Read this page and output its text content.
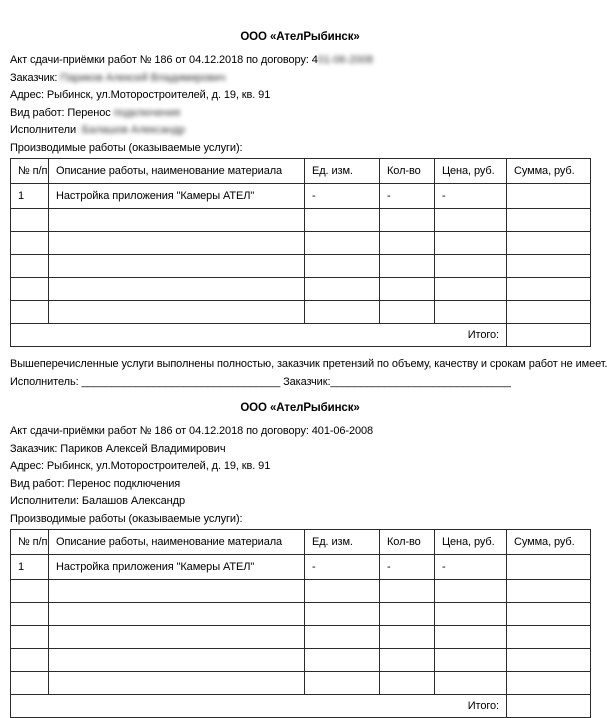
ООО «АтелРыбинск»
Акт сдачи-приёмки работ № 186 от 04.12.2018 по договору: 401-06-2008
Заказчик: Париков Алексей Владимирович
Адрес: Рыбинск, ул.Моторостроителей, д. 19, кв. 91
Вид работ: Перенос подключения
Исполнители: Балашов Александр
Производимые работы (оказываемые услуги):
№ п/п	Описание работы, наименование материала	Ед. изм.	Кол-во	Цена, руб.	Сумма, руб.
1	Настройка приложения "Камеры АТЕЛ"	-	-	-	

Итого:					
Вышеперечисленные услуги выполнены полностью, заказчик претензий по объему, качеству и срокам работ не имеет.
Исполнитель: _________________________________ Заказчик:______________________________
ООО «АтелРыбинск»
Акт сдачи-приёмки работ № 186 от 04.12.2018 по договору: 401-06-2008
Заказчик: Париков Алексей Владимирович
Адрес: Рыбинск, ул.Моторостроителей, д. 19, кв. 91
Вид работ: Перенос подключения
Исполнители: Балашов Александр
Производимые работы (оказываемые услуги):
№ п/п	Описание работы, наименование материала	Ед. изм.	Кол-во	Цена, руб.	Сумма, руб.
1	Настройка приложения "Камеры АТЕЛ"	-	-	-	

Итого:					
